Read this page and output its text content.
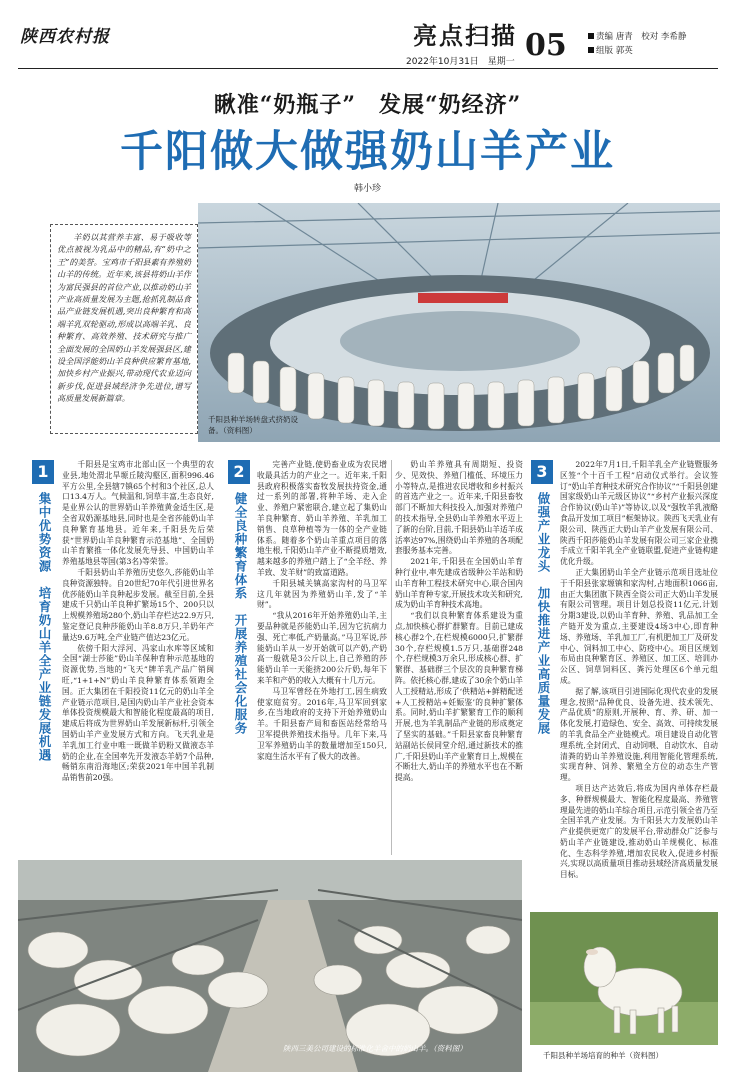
陕西农村报	亮点扫描 05
2022年10月31日　星期一
责编 唐青　校对 李希静
组版 郭英
瞅准“奶瓶子”　发展“奶经济”
千阳做大做强奶山羊产业
韩小珍
千阳县种羊场转盘式挤奶设备。（资料图）

羊奶以其营养丰富、易于吸收等优点被视为乳品中的精品,有“奶中之王”的美誉。宝鸡市千阳县素有养殖奶山羊的传统。近年来,该县将奶山羊作为富民强县的首位产业,以推动奶山羊产业高质量发展为主题,抢抓乳制品食品产业链发展机遇,突出良种繁育和高端羊乳双轮驱动,形成以高端羊乳、良种繁育、高效养殖、技术研究与推广全面发展的全国奶山羊发展强县区,建设全国浮能奶山羊良种供应繁育基地,加快乡村产业振兴,带动现代农业迈向新步伐,促进县域经济争先进位,谱写高质量发展新篇章。

1
集中优势资源　培育奶山羊全产业链发展机遇

千阳县是宝鸡市北部山区一个典型的农业县,地处渭北旱塬丘陵沟壑区,面积996.46平方公里,全县辖7镇65个村和3个社区,总人口13.4万人。气候温和,饲草丰富,生态良好,是业界公认的世界奶山羊养殖黄金适生区,是全省双奶源基地县,同时也是全省莎能奶山羊良种繁育基地县。近年来,千阳县先后荣获“世界奶山羊良种繁育示范基地”、全国奶山羊育繁推一体化发展先导县、中国奶山羊养殖基地县等国(第3名)等荣誉。

千阳县奶山羊养殖历史悠久,莎能奶山羊良种资源独特。自20世纪70年代引进世界名优莎能奶山羊良种起步发展。截至目前,全县建成千只奶山羊良种扩繁场15个、200只以上规模养殖场280个,奶山羊存栏达22.9万只,鉴定登记良种莎能奶山羊8.8万只,羊奶年产量达9.6万吨,全产业链产值达23亿元。

依傍千阳大浮河、冯家山水库等区域和全国“湖士莎能”奶山羊保种育种示范基地的资源优势,当地的“飞天”牌羊乳产品广销闽旺,“1+1+N”奶山羊良种繁育体系领跑全国。正大集团在千阳投资11亿元的奶山羊全产业链示范项目,是国内奶山羊产业社会资本单体投资规模最大和智能化程度最高的项目,建成后将成为世界奶山羊发展新标杆,引领全国奶山羊产业发展方式和方向。飞天乳业是羊乳加工行业中唯一既做羊奶粉又做液态羊奶的企业,在全国率先开发液态羊奶7个品种,畅销东南沿海地区;荣获2021年中国羊乳制品销售前20强。

2
健全良种繁育体系　开展养殖社会化服务

完善产业链,使奶畜业成为农民增收最具活力的产业之一。近年来,千阳县政府积极落实畜牧发展扶持资金,通过一系列的部署,将种羊场、走入企业、养殖户紧密联合,建立起了集奶山羊良种繁育、奶山羊养殖、羊乳加工销售、良草种植等为一体的全产业链体系。随着多个奶山羊重点项目的落地生根,千阳奶山羊产业不断提质增效,越来越多的养殖户踏上了“全羊经、养羊致、发羊财”的致富道路。

千阳县城关镇高家沟村的马卫军这几年就因为养殖奶山羊,发了“羊财”。

“我从2016年开始养殖奶山羊,主要品种就是莎能奶山羊,因为它抗病力强、死亡率低,产奶量高。”马卫军说,莎能奶山羊从一岁开始就可以产奶,产奶高一般就是3公斤以上,自己养殖的莎能奶山羊一天能挤200公斤奶,每年下来羊和产奶的收入大概有十几万元。

马卫军曾经在外地打工,因生病致使家庭贫穷。2016年,马卫军回到家乡,在当地政府的支持下开始养殖奶山羊。千阳县畜产局和畜医站经常给马卫军提供养殖技术指导。几年下来,马卫军养殖奶山羊的数量增加至150只,家庭生活水平有了极大的改善。

奶山羊养殖具有周期短、投资少、见效快、养殖门槛低、环境压力小等特点,是推进农民增收和乡村振兴的首选产业之一。近年来,千阳县畜牧部门不断加大科技投入,加强对养殖户的技术指导,全县奶山羊养殖水平迈上了新的台阶,目前,千阳县奶山羊适羊成活率达97%,围绕奶山羊养殖的各项配套服务基本完善。

2021年,千阳县在全国奶山羊育种行业中,率先建成省级种公羊站和奶山羊育种工程技术研究中心,联合国内奶山羊育种专家,开展技术攻关和研究,成为奶山羊育种技术高地。

“我们以良种繁育体系建设为重点,加快核心群扩群繁育。目前已建成核心群2个,在栏规模6000只,扩繁群30个,存栏规模1.5万只,基础群248个,存栏规模3万余只,形成核心群、扩繁群、基础群三个层次的良种繁育梯阵。依托核心群,建成了30余个奶山羊人工授精站,形成了‘供精站+鲜精配送+人工授精站+妊娠鉴’的良种扩繁体系。同时,奶山羊扩繁繁育工作的顺利开展,也为羊乳制品产业链的形成奠定了坚实的基础。”千阳县家畜良种繁育站副站长侯同堂介绍,通过新技术的推广,千阳县奶山羊产业繁育日上,规模在不断壮大,奶山羊的养殖水平也在不断提高。

3
做强产业龙头　加快推进产业高质量发展

2022年7月1日,千阳羊乳全产业链暨服务区签“个十百千工程”启动仪式举行。会议签订“奶山羊育种技术研究合作协议”“千阳县创建国家级奶山羊元级区协议”“乡村产业振兴深度合作协议(奶山羊)”等协议,以及“强牧羊乳液酪食品开发加工项目”框架协议。陕西飞天乳业有限公司、陕西正大奶山羊产业发展有限公司、陕西千阳莎能奶山羊发展有限公司三家企业携手成立千阳羊乳全产业链联盟,促进产业链构建优化升级。

正大集团奶山羊全产业链示范项目选址位于千阳县张家塬镇和家沟村,占地面积1066亩,由正大集团旗下陕西全资公司正大奶山羊发展有限公司管理。项目计划总投资11亿元,计划分期3建设,以奶山羊育种、养殖、乳品加工全产链开发为重点,主要建设4场3中心,即育种场、养殖场、羊乳加工厂,有机肥加工厂及研发中心、饲料加工中心、防疫中心。项目区规划布局由良种繁育区、养殖区、加工区、培训办公区、饲草饲料区、粪污处理区6个单元组成。

据了解,该项目引进国际化现代农业的发展理念,按照“品种优良、设备先进、技术领先、产品优质”的原则,开展种、育、养、研、加一体化发展,打造绿色、安全、高效、可持续发展的羊乳食品全产业链模式。项目建设自动化管理系统,全封闭式、自动饲喂、自动饮水、自动清粪的奶山羊养殖设施,利用智能化管理系统,实现育种、饲养、繁殖全方位的动态生产管理。

项目达产达效后,将成为国内单体存栏最多、种群规模最大、智能化程度最高、养殖管理最先进的奶山羊综合项目,示范引领全省乃至全国羊乳产业发展。为千阳县大力发展奶山羊产业提供更宽广的发展平台,带动群众广泛参与奶山羊产业链建设,推动奶山羊规模化、标准化、生态科学养殖,增加农民收入,促进乡村振兴,实现以高质量项目推动县域经济高质量发展目标。

陕西三美公司建设的标准化羊舍中的奶山羊。（资料图）
千阳县种羊场培育的种羊（资料图）
